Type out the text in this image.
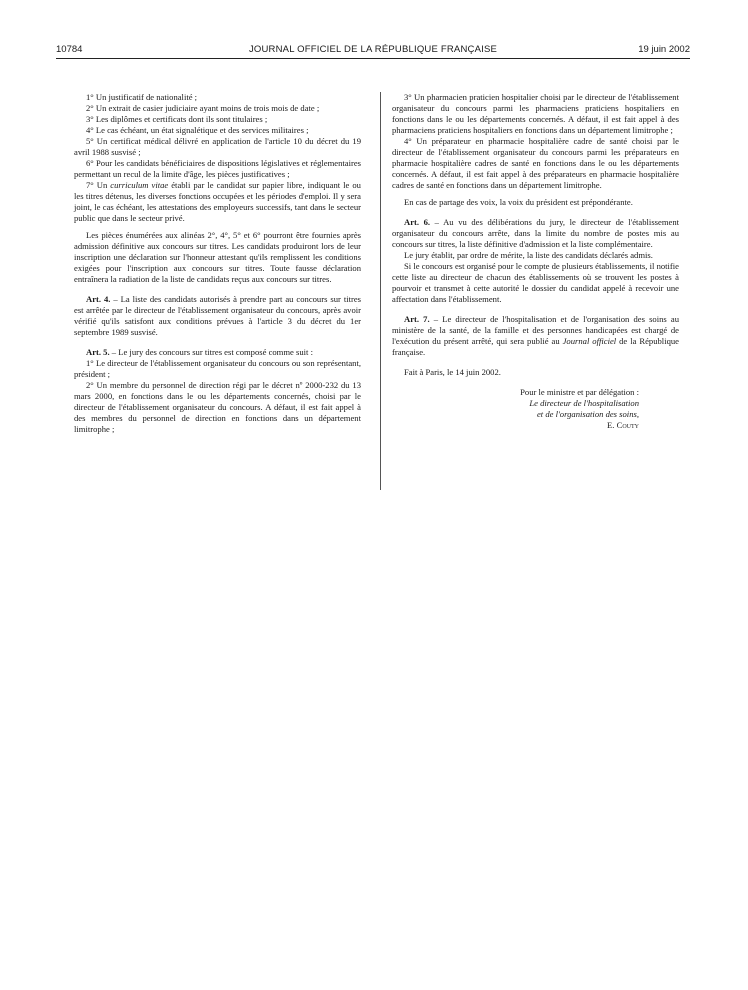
10784	JOURNAL OFFICIEL DE LA RÉPUBLIQUE FRANÇAISE	19 juin 2002

1° Un justificatif de nationalité ;

2° Un extrait de casier judiciaire ayant moins de trois mois de date ;

3° Les diplômes et certificats dont ils sont titulaires ;

4° Le cas échéant, un état signalétique et des services militaires ;

5° Un certificat médical délivré en application de l'article 10 du décret du 19 avril 1988 susvisé ;

6° Pour les candidats bénéficiaires de dispositions législatives et réglementaires permettant un recul de la limite d'âge, les pièces justificatives ;

7° Un curriculum vitae établi par le candidat sur papier libre, indiquant le ou les titres détenus, les diverses fonctions occupées et les périodes d'emploi. Il y sera joint, le cas échéant, les attestations des employeurs successifs, tant dans le secteur public que dans le secteur privé.

Les pièces énumérées aux alinéas 2°, 4°, 5° et 6° pourront être fournies après admission définitive aux concours sur titres. Les candidats produiront lors de leur inscription une déclaration sur l'honneur attestant qu'ils remplissent les conditions exigées pour l'inscription aux concours sur titres. Toute fausse déclaration entraînera la radiation de la liste de candidats reçus aux concours sur titres.

Art. 4. – La liste des candidats autorisés à prendre part au concours sur titres est arrêtée par le directeur de l'établissement organisateur du concours, après avoir vérifié qu'ils satisfont aux conditions prévues à l'article 3 du décret du 1er septembre 1989 susvisé.

Art. 5. – Le jury des concours sur titres est composé comme suit :

1° Le directeur de l'établissement organisateur du concours ou son représentant, président ;

2° Un membre du personnel de direction régi par le décret nº 2000-232 du 13 mars 2000, en fonctions dans le ou les départements concernés, choisi par le directeur de l'établissement organisateur du concours. A défaut, il est fait appel à des membres du personnel de direction en fonctions dans un département limitrophe ;

3° Un pharmacien praticien hospitalier choisi par le directeur de l'établissement organisateur du concours parmi les pharmaciens praticiens hospitaliers en fonctions dans le ou les départements concernés. A défaut, il est fait appel à des pharmaciens praticiens hospitaliers en fonctions dans un département limitrophe ;

4° Un préparateur en pharmacie hospitalière cadre de santé choisi par le directeur de l'établissement organisateur du concours parmi les préparateurs en pharmacie hospitalière cadres de santé en fonctions dans le ou les départements concernés. A défaut, il est fait appel à des préparateurs en pharmacie hospitalière cadres de santé en fonctions dans un département limitrophe.

En cas de partage des voix, la voix du président est prépondérante.

Art. 6. – Au vu des délibérations du jury, le directeur de l'établissement organisateur du concours arrête, dans la limite du nombre de postes mis au concours sur titres, la liste définitive d'admission et la liste complémentaire.

Le jury établit, par ordre de mérite, la liste des candidats déclarés admis.

Si le concours est organisé pour le compte de plusieurs établissements, il notifie cette liste au directeur de chacun des établissements où se trouvent les postes à pourvoir et transmet à cette autorité le dossier du candidat appelé à recevoir une affectation dans l'établissement.

Art. 7. – Le directeur de l'hospitalisation et de l'organisation des soins au ministère de la santé, de la famille et des personnes handicapées est chargé de l'exécution du présent arrêté, qui sera publié au Journal officiel de la République française.

Fait à Paris, le 14 juin 2002.

Pour le ministre et par délégation :

Le directeur de l'hospitalisation

et de l'organisation des soins,

E. Couty
